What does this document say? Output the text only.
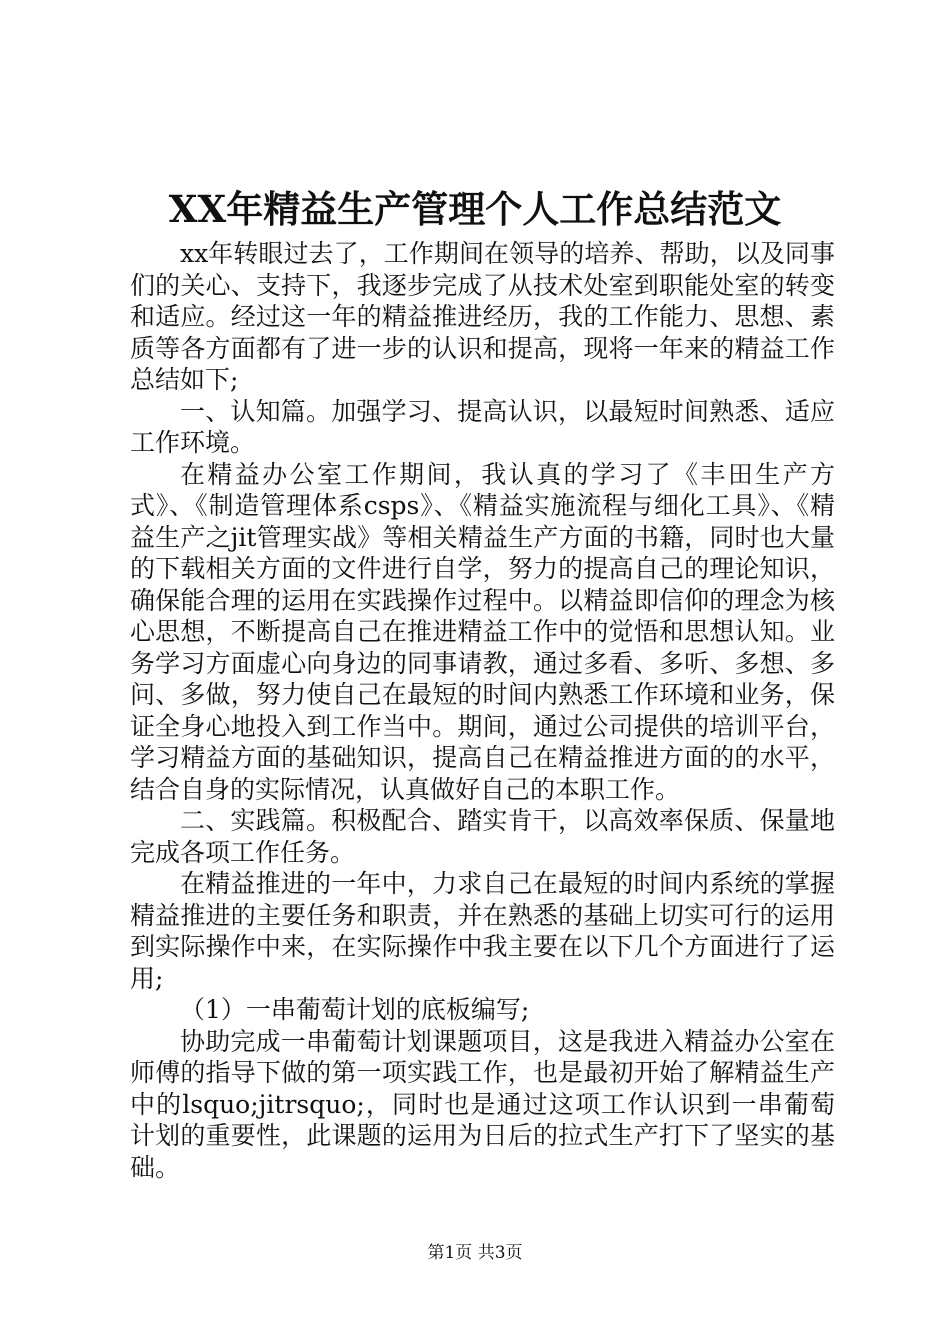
XX年精益生产管理个人工作总结范文

xx年转眼过去了，工作期间在领导的培养、帮助，以及同事们的关心、支持下，我逐步完成了从技术处室到职能处室的转变和适应。经过这一年的精益推进经历，我的工作能力、思想、素质等各方面都有了进一步的认识和提高，现将一年来的精益工作总结如下;

一、认知篇。加强学习、提高认识，以最短时间熟悉、适应工作环境。

在精益办公室工作期间，我认真的学习了《丰田生产方式》、《制造管理体系csps》、《精益实施流程与细化工具》、《精益生产之jit管理实战》等相关精益生产方面的书籍，同时也大量的下载相关方面的文件进行自学，努力的提高自己的理论知识，确保能合理的运用在实践操作过程中。以精益即信仰的理念为核心思想，不断提高自己在推进精益工作中的觉悟和思想认知。业务学习方面虚心向身边的同事请教，通过多看、多听、多想、多问、多做，努力使自己在最短的时间内熟悉工作环境和业务，保证全身心地投入到工作当中。期间，通过公司提供的培训平台，学习精益方面的基础知识，提高自己在精益推进方面的的水平，结合自身的实际情况，认真做好自己的本职工作。

二、实践篇。积极配合、踏实肯干，以高效率保质、保量地完成各项工作任务。

在精益推进的一年中，力求自己在最短的时间内系统的掌握精益推进的主要任务和职责，并在熟悉的基础上切实可行的运用到实际操作中来，在实际操作中我主要在以下几个方面进行了运用;

（1）一串葡萄计划的底板编写;

协助完成一串葡萄计划课题项目，这是我进入精益办公室在师傅的指导下做的第一项实践工作，也是最初开始了解精益生产中的lsquo;jitrsquo;，同时也是通过这项工作认识到一串葡萄计划的重要性，此课题的运用为日后的拉式生产打下了坚实的基础。

第1页 共3页
